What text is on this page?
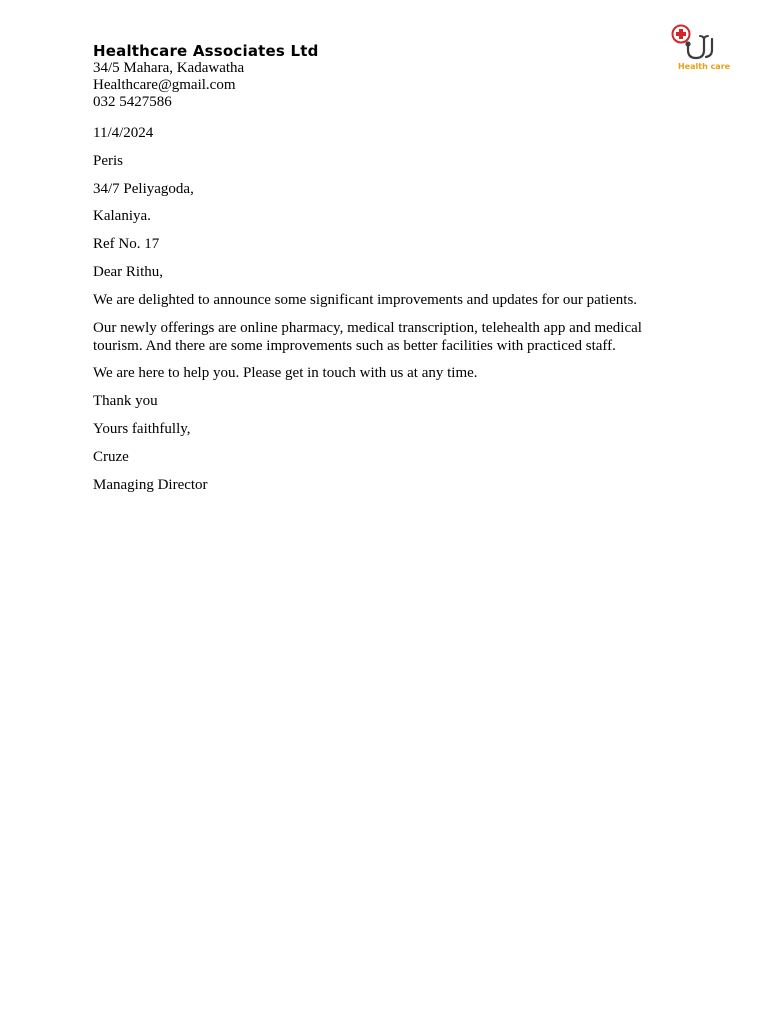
Healthcare Associates Ltd

34/5 Mahara, Kadawatha

Healthcare@gmail.com

032 5427586

Health care

11/4/2024

Peris

34/7 Peliyagoda,

Kalaniya.

Ref No. 17

Dear Rithu,

We are delighted to announce some significant improvements and updates for our patients.

Our newly offerings are online pharmacy, medical transcription, telehealth app and medical tourism. And there are some improvements such as better facilities with practiced staff.

We are here to help you. Please get in touch with us at any time.

Thank you

Yours faithfully,

Cruze

Managing Director
